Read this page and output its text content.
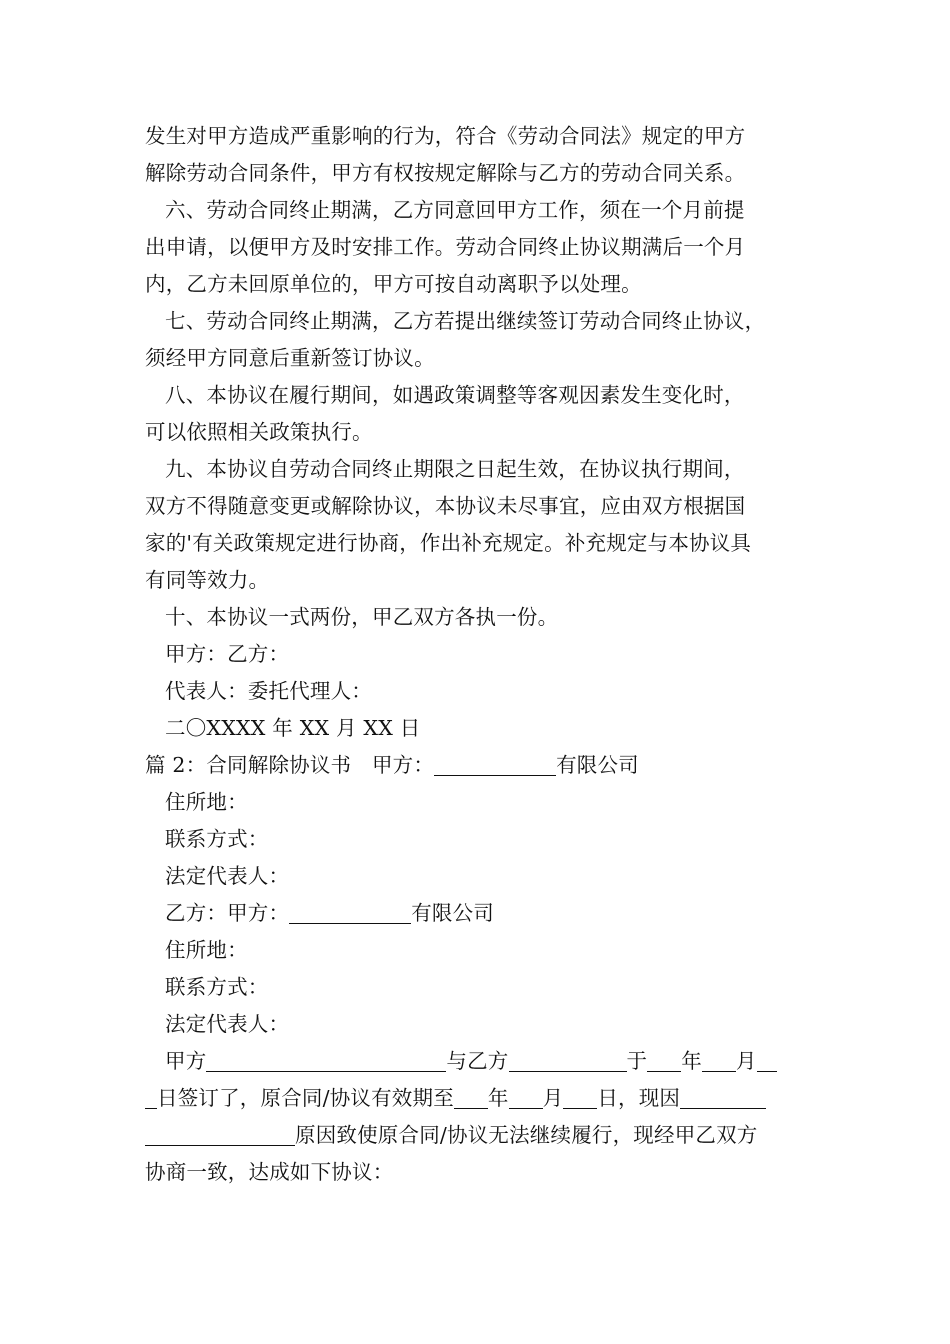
发生对甲方造成严重影响的行为，符合《劳动合同法》规定的甲方
解除劳动合同条件，甲方有权按规定解除与乙方的劳动合同关系。
六、劳动合同终止期满，乙方同意回甲方工作，须在一个月前提
出申请，以便甲方及时安排工作。劳动合同终止协议期满后一个月
内，乙方未回原单位的，甲方可按自动离职予以处理。
七、劳动合同终止期满，乙方若提出继续签订劳动合同终止协议，
须经甲方同意后重新签订协议。
八、本协议在履行期间，如遇政策调整等客观因素发生变化时，
可以依照相关政策执行。
九、本协议自劳动合同终止期限之日起生效，在协议执行期间，
双方不得随意变更或解除协议，本协议未尽事宜，应由双方根据国
家的'有关政策规定进行协商，作出补充规定。补充规定与本协议具
有同等效力。
十、本协议一式两份，甲乙双方各执一份。
甲方：乙方：
代表人：委托代理人：
二〇XXXX 年 XX 月 XX 日
篇 2：合同解除协议书　甲方：	有限公司
住所地：
联系方式：
法定代表人：
乙方：甲方：	有限公司
住所地：
联系方式：
法定代表人：
甲方	与乙方	于 年 月
日签订了，原合同/协议有效期至 年 月 日，现因
原因致使原合同/协议无法继续履行，现经甲乙双方
协商一致，达成如下协议：
